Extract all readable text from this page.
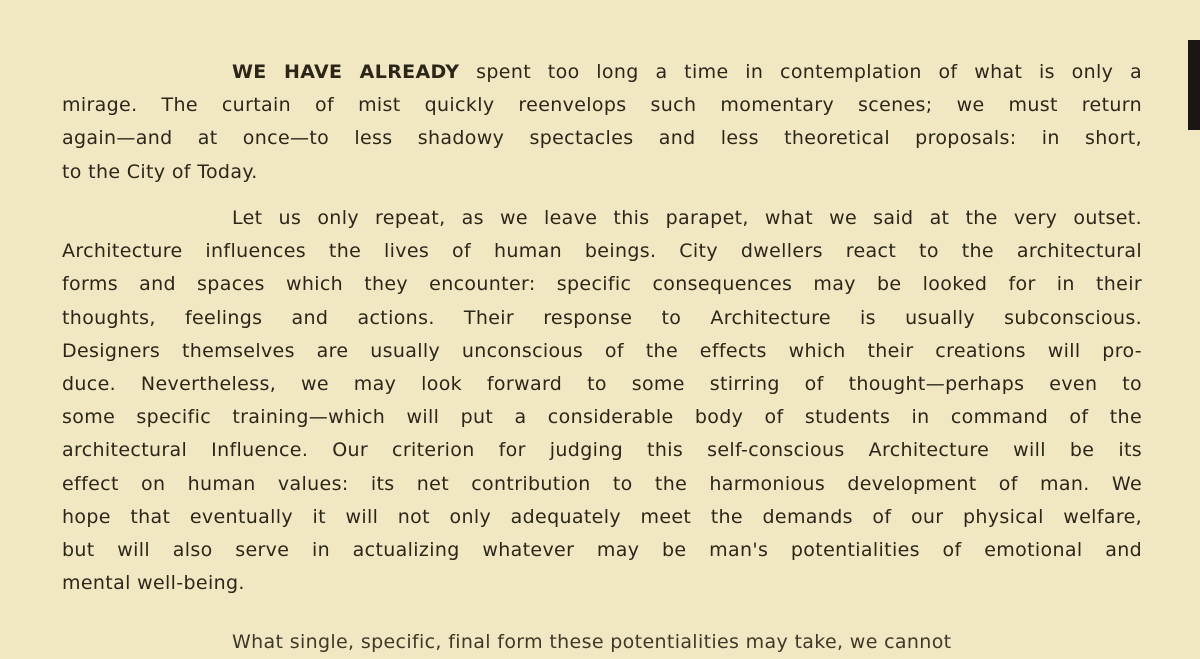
WE HAVE ALREADY spent too long a time in contemplation of what is only a
mirage. The curtain of mist quickly reenvelops such momentary scenes; we must return
again—and at once—to less shadowy spectacles and less theoretical proposals: in short,
to the City of Today.
Let us only repeat, as we leave this parapet, what we said at the very outset.
Architecture influences the lives of human beings. City dwellers react to the architectural
forms and spaces which they encounter: specific consequences may be looked for in their
thoughts, feelings and actions. Their response to Architecture is usually subconscious.
Designers themselves are usually unconscious of the effects which their creations will pro-
duce. Nevertheless, we may look forward to some stirring of thought—perhaps even to
some specific training—which will put a considerable body of students in command of the
architectural Influence. Our criterion for judging this self-conscious Architecture will be its
effect on human values: its net contribution to the harmonious development of man. We
hope that eventually it will not only adequately meet the demands of our physical welfare,
but will also serve in actualizing whatever may be man's potentialities of emotional and
mental well-being.
What single, specific, final form these potentialities may take, we cannot
